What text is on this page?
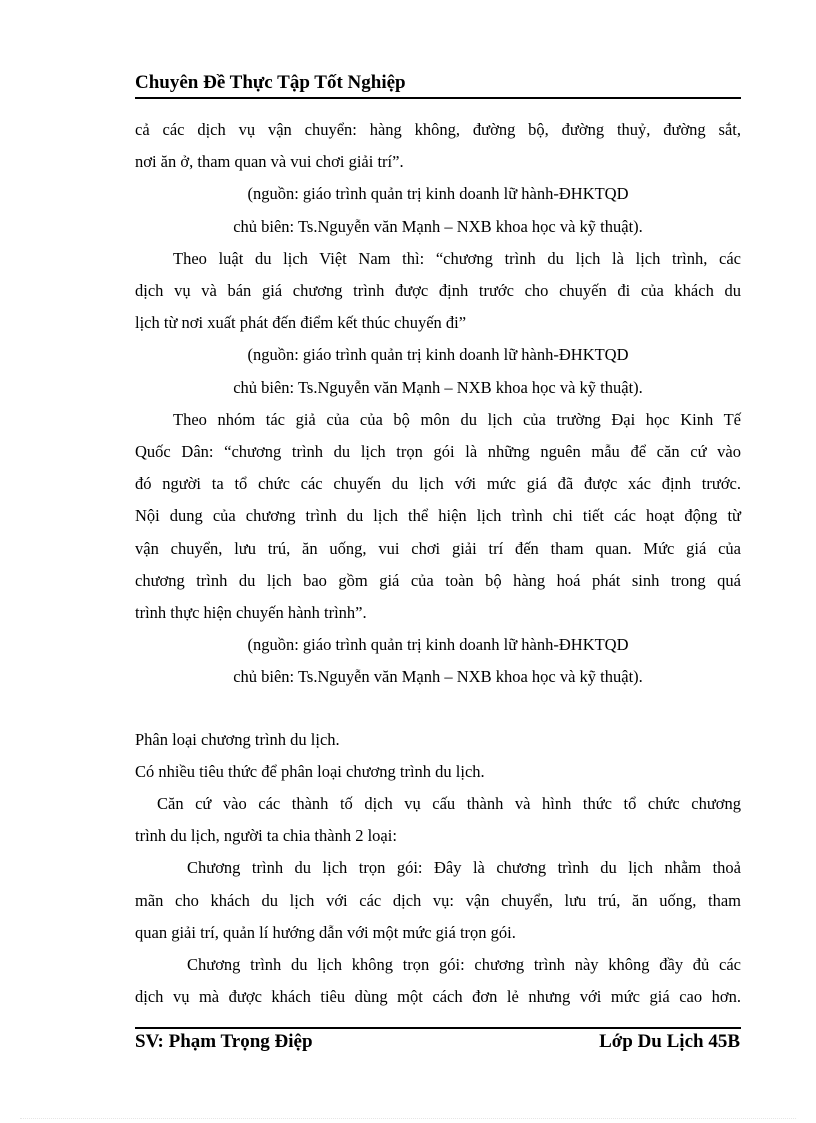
Chuyên Đề Thực Tập Tốt Nghiệp

cả các dịch vụ vận chuyển: hàng không, đường bộ, đường thuỷ, đường sắt,

nơi ăn ở, tham quan và vui chơi giải trí”.

(nguồn: giáo trình quản trị kinh doanh lữ hành-ĐHKTQD

chủ biên: Ts.Nguyễn văn Mạnh – NXB khoa học và kỹ thuật).

Theo luật du lịch Việt Nam thì: “chương trình du lịch là lịch trình, các

dịch vụ và bán giá chương trình được định trước cho chuyến đi của khách du

lịch từ nơi xuất phát đến điểm kết thúc chuyến đi”

(nguồn: giáo trình quản trị kinh doanh lữ hành-ĐHKTQD

chủ biên: Ts.Nguyễn văn Mạnh – NXB khoa học và kỹ thuật).

Theo nhóm tác giả của của bộ môn du lịch của trường Đại học Kinh Tế

Quốc Dân: “chương trình du lịch trọn gói là những nguên mẫu để căn cứ vào

đó người ta tổ chức các chuyến du lịch với mức giá đã được xác định trước.

Nội dung của chương trình du lịch thể hiện lịch trình chi tiết các hoạt động từ

vận chuyển, lưu trú, ăn uống, vui chơi giải trí đến tham quan. Mức giá của

chương trình du lịch bao gồm giá của toàn bộ hàng hoá phát sinh trong quá

trình thực hiện chuyến hành trình”.

(nguồn: giáo trình quản trị kinh doanh lữ hành-ĐHKTQD

chủ biên: Ts.Nguyễn văn Mạnh – NXB khoa học và kỹ thuật).

Phân loại chương trình du lịch.

Có nhiều tiêu thức để phân loại chương trình du lịch.

Căn cứ vào các thành tố dịch vụ cấu thành và hình thức tổ chức chương

trình du lịch, người ta chia thành 2 loại:

Chương trình du lịch trọn gói: Đây là chương trình du lịch nhằm thoả

mãn cho khách du lịch với các dịch vụ: vận chuyển, lưu trú, ăn uống, tham

quan giải trí, quản lí hướng dẫn với một mức giá trọn gói.

Chương trình du lịch không trọn gói: chương trình này không đầy đủ các

dịch vụ mà được khách tiêu dùng một cách đơn lẻ nhưng với mức giá cao hơn.

SV: Phạm Trọng Điệp	Lớp Du Lịch 45B
